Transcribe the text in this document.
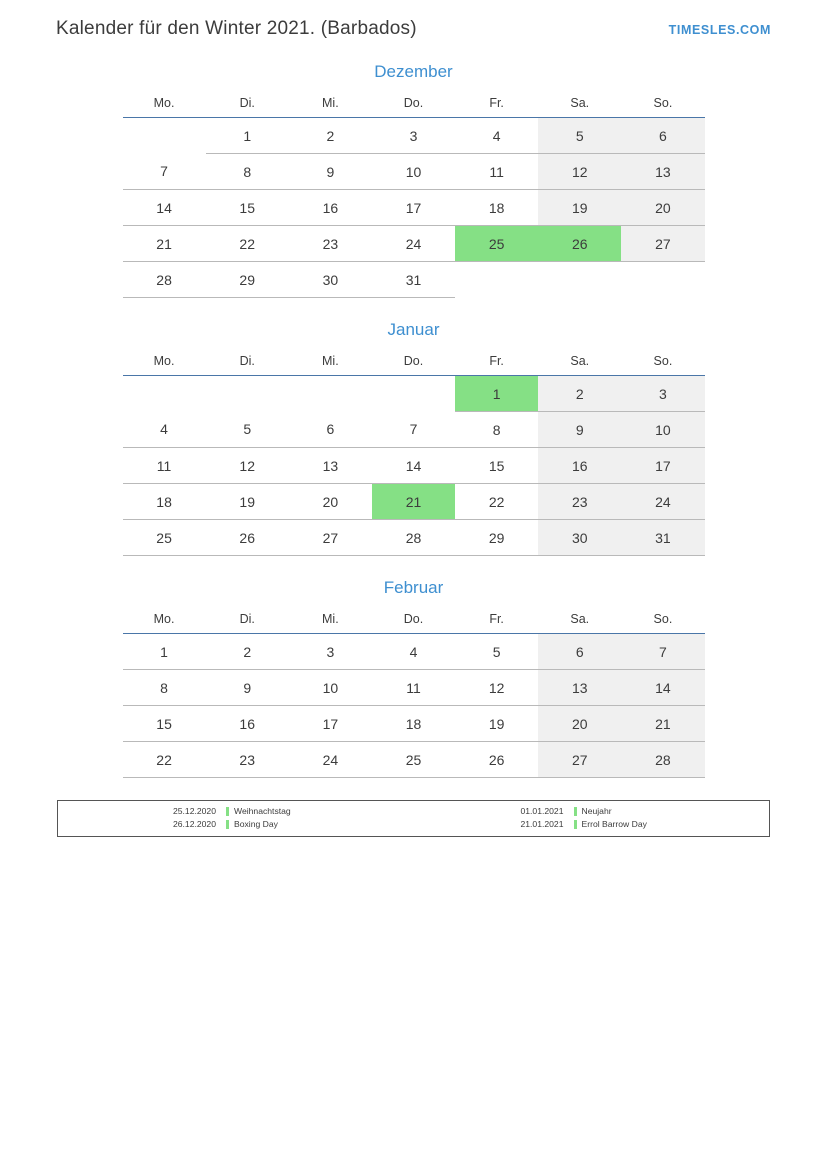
Kalender für den Winter 2021. (Barbados)	TIMESLES.COM
Dezember
Mo.	Di.	Mi.	Do.	Fr.	Sa.	So.
	1	2	3	4	5	6
7	8	9	10	11	12	13
14	15	16	17	18	19	20
21	22	23	24	25	26	27
28	29	30	31			
Januar
Mo.	Di.	Mi.	Do.	Fr.	Sa.	So.
				1	2	3
4	5	6	7	8	9	10
11	12	13	14	15	16	17
18	19	20	21	22	23	24
25	26	27	28	29	30	31
Februar
Mo.	Di.	Mi.	Do.	Fr.	Sa.	So.
1	2	3	4	5	6	7
8	9	10	11	12	13	14
15	16	17	18	19	20	21
22	23	24	25	26	27	28
25.12.2020	Weihnachtstag
26.12.2020	Boxing Day
01.01.2021	Neujahr
21.01.2021	Errol Barrow Day
